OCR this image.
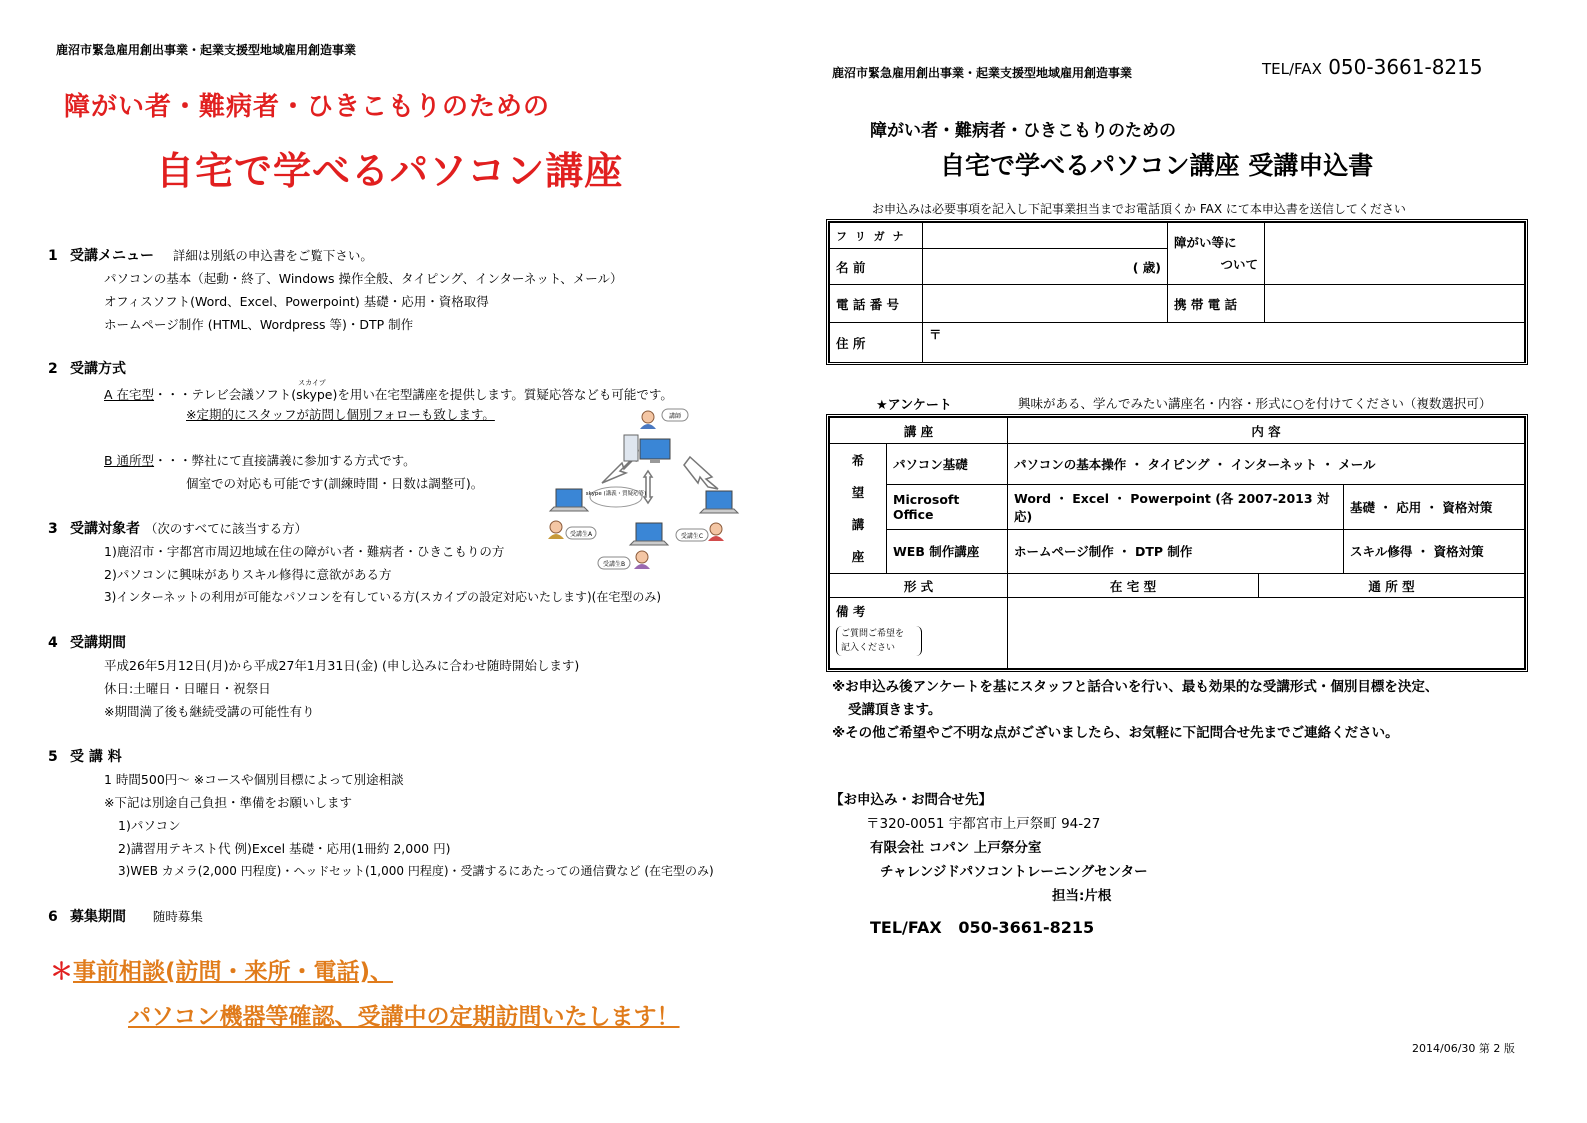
鹿沼市緊急雇用創出事業・起業支援型地域雇用創造事業
障がい者・難病者・ひきこもりのための
自宅で学べるパソコン講座
1 受講メニュー 詳細は別紙の申込書をご覧下さい。
パソコンの基本（起動・終了、Windows 操作全般、タイピング、インターネット、メール）
オフィスソフト(Word、Excel、Powerpoint) 基礎・応用・資格取得
ホームページ制作 (HTML、Wordpress 等)・DTP 制作
2 受講方式
A 在宅型・・・テレビ会議ソフト(
スカイプ
skype)を用い在宅型講座を提供します。質疑応答なども可能です。
※定期的にスタッフが訪問し個別フォローも致します。
B 通所型・・・弊社にて直接講義に参加する方式です。
個室での対応も可能です(訓練時間・日数は調整可)。
講師
skype (講義・質疑応答)
受講生A
受講生B
受講生C
3 受講対象者 （次のすべてに該当する方）
1)鹿沼市・宇都宮市周辺地域在住の障がい者・難病者・ひきこもりの方
2)パソコンに興味がありスキル修得に意欲がある方
3)インターネットの利用が可能なパソコンを有している方(スカイプの設定対応いたします)(在宅型のみ)
4 受講期間
平成26年5月12日(月)から平成27年1月31日(金) (申し込みに合わせ随時開始します)
休日:土曜日・日曜日・祝祭日
※期間満了後も継続受講の可能性有り
5 受 講 料
1 時間500円〜 ※コースや個別目標によって別途相談
※下記は別途自己負担・準備をお願いします
1)パソコン
2)講習用テキスト代 例)Excel 基礎・応用(1冊約 2,000 円)
3)WEB カメラ(2,000 円程度)・ヘッドセット(1,000 円程度)・受講するにあたっての通信費など (在宅型のみ)
6 募集期間 随時募集
＊事前相談(訪問・来所・電話)、
パソコン機器等確認、受講中の定期訪問いたします！
鹿沼市緊急雇用創出事業・起業支援型地域雇用創造事業	TEL/FAX 050-3661-8215
障がい者・難病者・ひきこもりのための
自宅で学べるパソコン講座 受講申込書
お申込みは必要事項を記入し下記事業担当までお電話頂くか FAX にて本申込書を送信してください
フ リ ガ ナ		障がい等に
ついて	

名 前	( 歳)		
電 話 番 号		携 帯 電 話	
住 所	〒		
★アンケート	興味がある、学んでみたい講座名・内容・形式に○を付けてください（複数選択可）
講 座		内 容		

希
望
講
座	パソコン基礎	パソコンの基本操作 ・ タイピング ・ インターネット ・ メール		
	Microsoft Office	Word ・ Excel ・ Powerpoint (各 2007-2013 対応)		基礎 ・ 応用 ・ 資格対策
	WEB 制作講座	ホームページ制作 ・ DTP 制作		スキル修得 ・ 資格対策
形 式		在 宅 型	通 所 型	

備 考
ご質問ご希望を
記入ください				

※お申込み後アンケートを基にスタッフと話合いを行い、最も効果的な受講形式・個別目標を決定、
受講頂きます。
※その他ご希望やご不明な点がございましたら、お気軽に下記問合せ先までご連絡ください。
【お申込み・お問合せ先】
〒320-0051 宇都宮市上戸祭町 94-27
有限会社 コパン 上戸祭分室
チャレンジドパソコントレーニングセンター
担当:片根
TEL/FAX 050-3661-8215
2014/06/30 第 2 版
